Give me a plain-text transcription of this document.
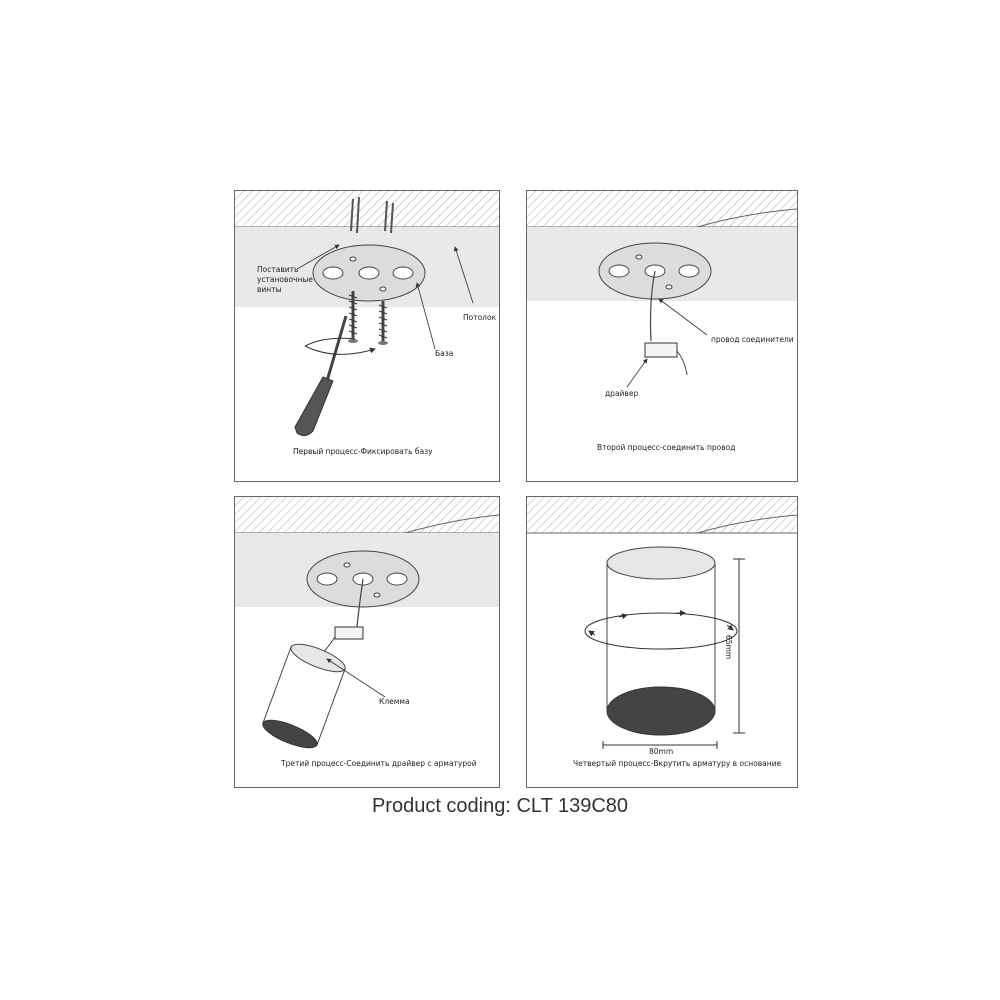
Поставить установочные винты
Потолок
База
Первый процесс-Фиксировать базу
провод соединители
драйвер
Второй процесс-соединить провод
Клемма
Третий процесс-Соединить драйвер с арматурой
65mm
80mm
Четвертый процесс-Вкрутить арматуру в основание
Product coding: CLT 139C80
